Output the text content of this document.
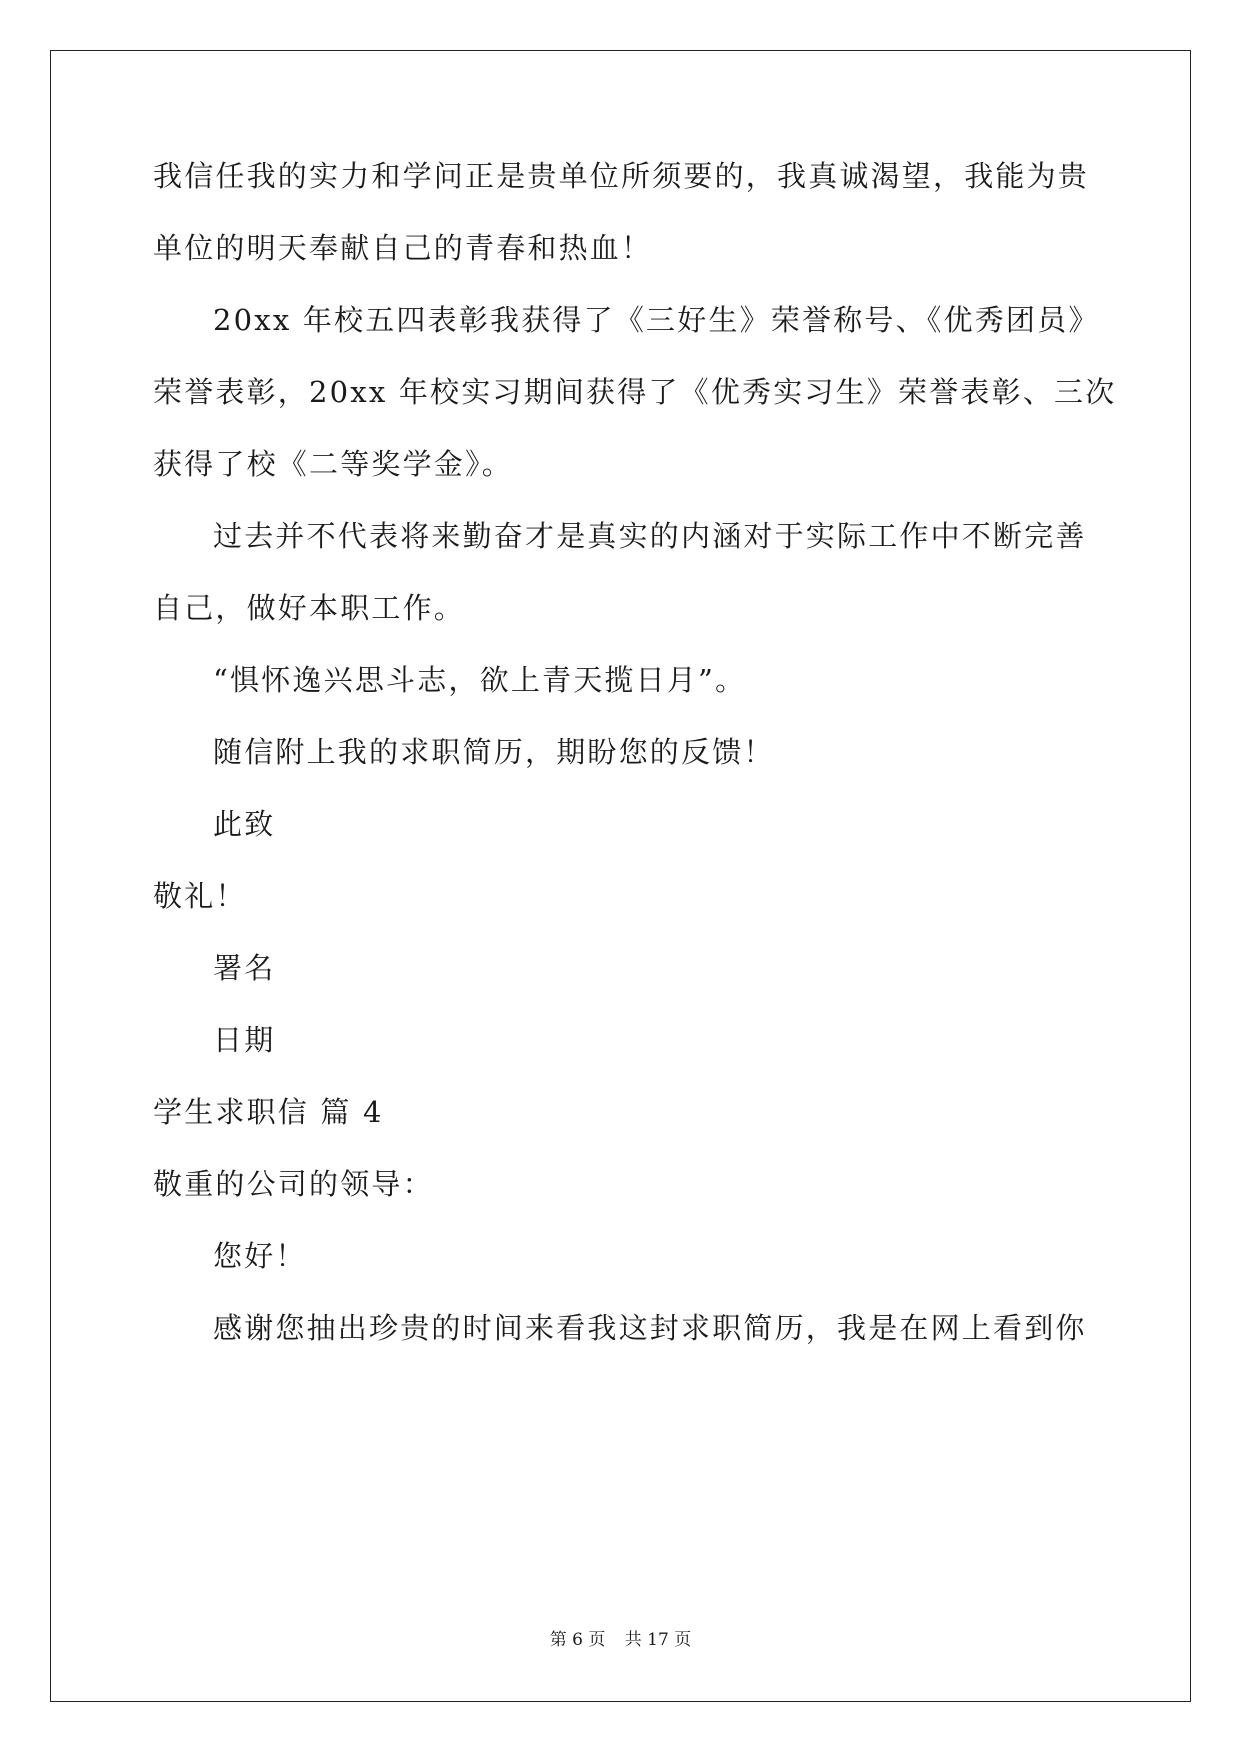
我信任我的实力和学问正是贵单位所须要的，我真诚渴望，我能为贵
单位的明天奉献自己的青春和热血！
20xx 年校五四表彰我获得了《三好生》荣誉称号、《优秀团员》
荣誉表彰，20xx 年校实习期间获得了《优秀实习生》荣誉表彰、三次
获得了校《二等奖学金》。
过去并不代表将来勤奋才是真实的内涵对于实际工作中不断完善
自己，做好本职工作。
“惧怀逸兴思斗志，欲上青天揽日月”。
随信附上我的求职简历，期盼您的反馈！
此致
敬礼！
署名
日期
学生求职信 篇 4
敬重的公司的领导：
您好！
感谢您抽出珍贵的时间来看我这封求职简历，我是在网上看到你
第 6 页 共 17 页
